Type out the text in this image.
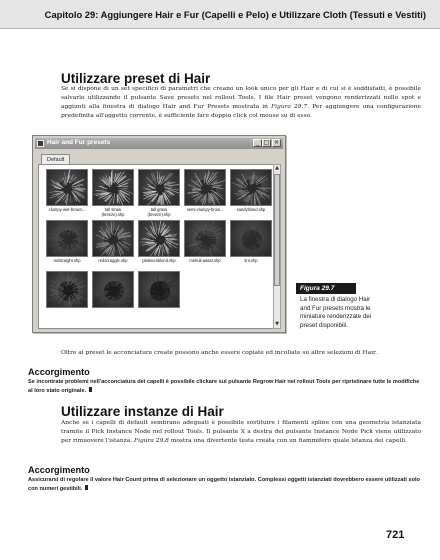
Capitolo 29: Aggiungere Hair e Fur (Capelli e Pelo) e Utilizzare Cloth (Tessuti e Vestiti)
Utilizzare preset di Hair
Se si dispone di un set specifico di parametri che creano un look unico per gli Hair e di cui si è soddisfatti, è possibile salvarlo utilizzando il pulsante Save presets nel rollout Tools. I file Hair preset vengono renderizzati nello spot e aggiunti alla finestra di dialogo Hair and Fur Presets mostrata in Figura 29.7. Per aggiungere una configurazione predefinita all'oggetto corrente, è sufficiente fare doppio click col mouse su di esso.
Hair and Fur presets	_ □ ×
Default
clumpy-wet-brown...	tall straw
(breeze).shp
tall grass
(breeze).shp
semi-clumpy-brow...	sandyblond.shp
redstraight.shp	redscraggle.shp	platinumblond.shp	mehuli-aasar.shp	lint.shp
▲
▼
Figura 29.7
La finestra di dialogo Hair and Fur presets mostra le miniature renderizzate dei preset disponibili.
Oltre ai preset le acconciature create possono anche essere copiate ed incollate su altre selezioni di Hair.
Accorgimento
Se incontrate problemi nell'acconciatura dei capelli è possibile clickare sul pulsante Regrow Hair nel rollout Tools per ripristinare tutte le modifiche al loro stato originale.
Utilizzare instanze di Hair
Anche se i capelli di default sembrano adeguati è possibile sostituire i filamenti spline con una geometria istanziata tramite il Pick Instance Node nel rollout Tools. Il pulsante X a destra del pulsante Instance Node Pick viene utilizzato per rimuovere l'istanza. Figura 29.8 mostra una divertente testa creata con un fiammifero quale istanza dei capelli.
Accorgimento
Assicurarsi di regolare il valore Hair Count prima di selezionare un oggetto istanziato. Complessi oggetti istanziati dovrebbero essere utilizzati solo con numeri gestibili.
721
